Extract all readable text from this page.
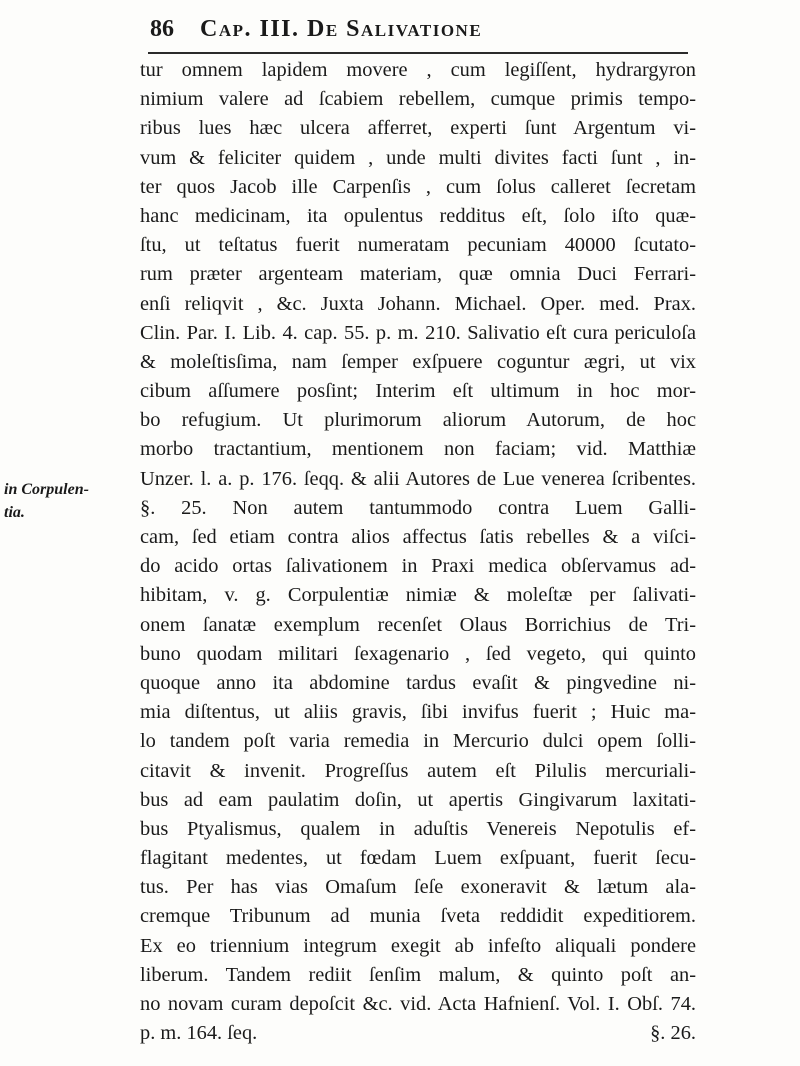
86 Cap. III. De Salivatione
in Corpulen-
tia.
tur omnem lapidem movere , cum legiſſent, hydrargyron
nimium valere ad ſcabiem rebellem, cumque primis tempo-
ribus lues hæc ulcera afferret, experti ſunt Argentum vi-
vum & feliciter quidem , unde multi divites facti ſunt , in-
ter quos Jacob ille Carpenſis , cum ſolus calleret ſecretam
hanc medicinam, ita opulentus redditus eſt, ſolo iſto quæ-
ſtu, ut teſtatus fuerit numeratam pecuniam 40000 ſcutato-
rum præter argenteam materiam, quæ omnia Duci Ferrari-
enſi reliqvit , &c. Juxta Johann. Michael. Oper. med. Prax.
Clin. Par. I. Lib. 4. cap. 55. p. m. 210. Salivatio eſt cura periculoſa
& moleſtisſima, nam ſemper exſpuere coguntur ægri, ut vix
cibum aſſumere posſint; Interim eſt ultimum in hoc mor-
bo refugium. Ut plurimorum aliorum Autorum, de hoc
morbo tractantium, mentionem non faciam; vid. Matthiæ
Unzer. l. a. p. 176. ſeqq. & alii Autores de Lue venerea ſcribentes.
§. 25. Non autem tantummodo contra Luem Galli-
cam, ſed etiam contra alios affectus ſatis rebelles & a viſci-
do acido ortas ſalivationem in Praxi medica obſervamus ad-
hibitam, v. g. Corpulentiæ nimiæ & moleſtæ per ſalivati-
onem ſanatæ exemplum recenſet Olaus Borrichius de Tri-
buno quodam militari ſexagenario , ſed vegeto, qui quinto
quoque anno ita abdomine tardus evaſit & pingvedine ni-
mia diſtentus, ut aliis gravis, ſibi invifus fuerit ; Huic ma-
lo tandem poſt varia remedia in Mercurio dulci opem ſolli-
citavit & invenit. Progreſſus autem eſt Pilulis mercuriali-
bus ad eam paulatim doſin, ut apertis Gingivarum laxitati-
bus Ptyalismus, qualem in aduſtis Venereis Nepotulis ef-
flagitant medentes, ut fœdam Luem exſpuant, fuerit ſecu-
tus. Per has vias Omaſum ſeſe exoneravit & lætum ala-
cremque Tribunum ad munia ſveta reddidit expeditiorem.
Ex eo triennium integrum exegit ab infeſto aliquali pondere
liberum. Tandem rediit ſenſim malum, & quinto poſt an-
no novam curam depoſcit &c. vid. Acta Hafnienſ. Vol. I. Obſ. 74.
p. m. 164. ſeq.	§. 26.
